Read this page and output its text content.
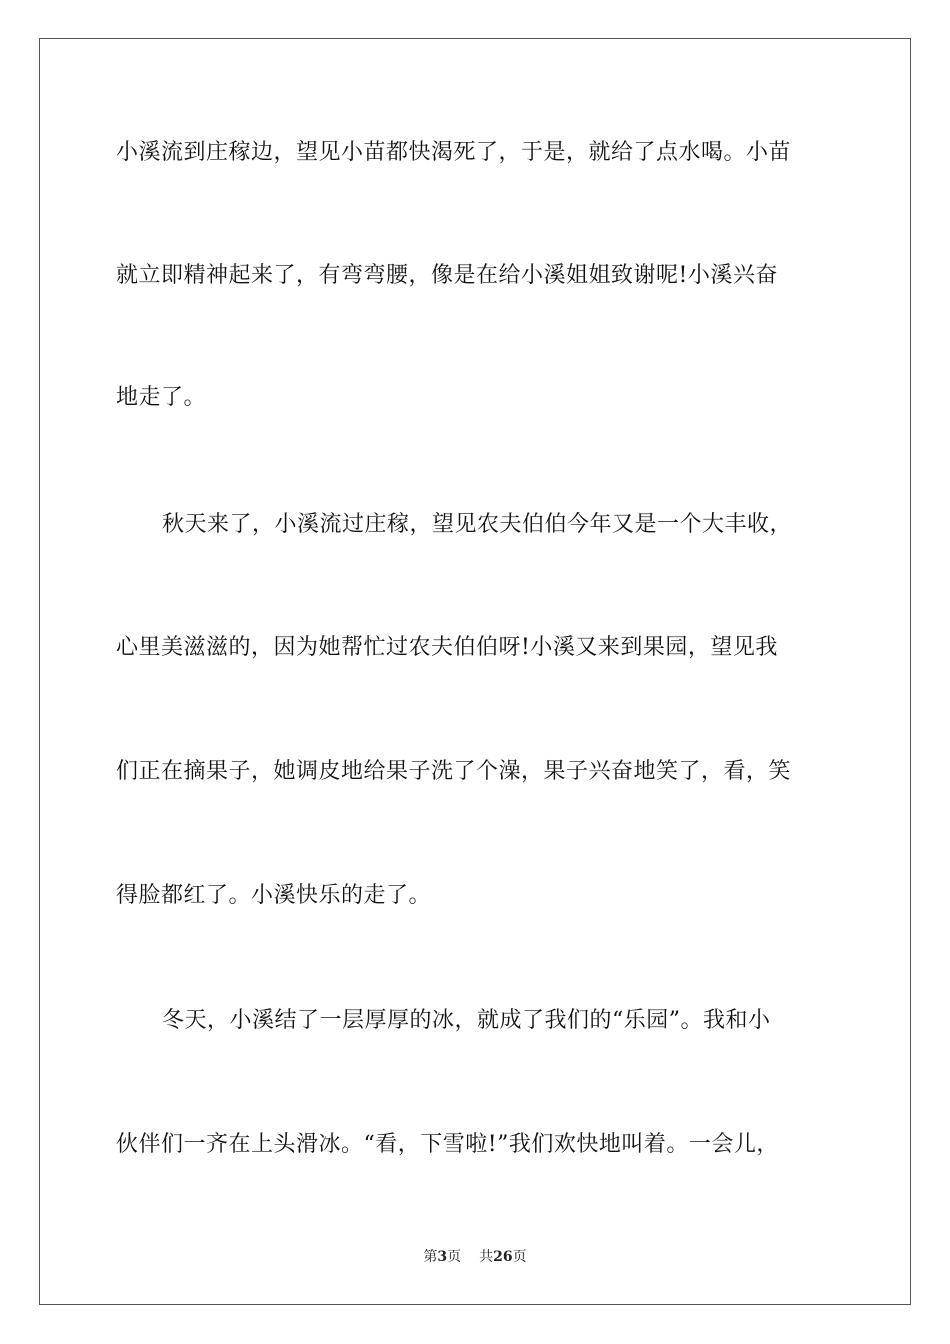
小溪流到庄稼边，望见小苗都快渴死了，于是，就给了点水喝。小苗
就立即精神起来了，有弯弯腰，像是在给小溪姐姐致谢呢!小溪兴奋
地走了。
秋天来了，小溪流过庄稼，望见农夫伯伯今年又是一个大丰收，
心里美滋滋的，因为她帮忙过农夫伯伯呀!小溪又来到果园，望见我
们正在摘果子，她调皮地给果子洗了个澡，果子兴奋地笑了，看，笑
得脸都红了。小溪快乐的走了。
冬天，小溪结了一层厚厚的冰，就成了我们的“乐园”。我和小
伙伴们一齐在上头滑冰。“看，下雪啦!”我们欢快地叫着。一会儿，
第3页 共26页
